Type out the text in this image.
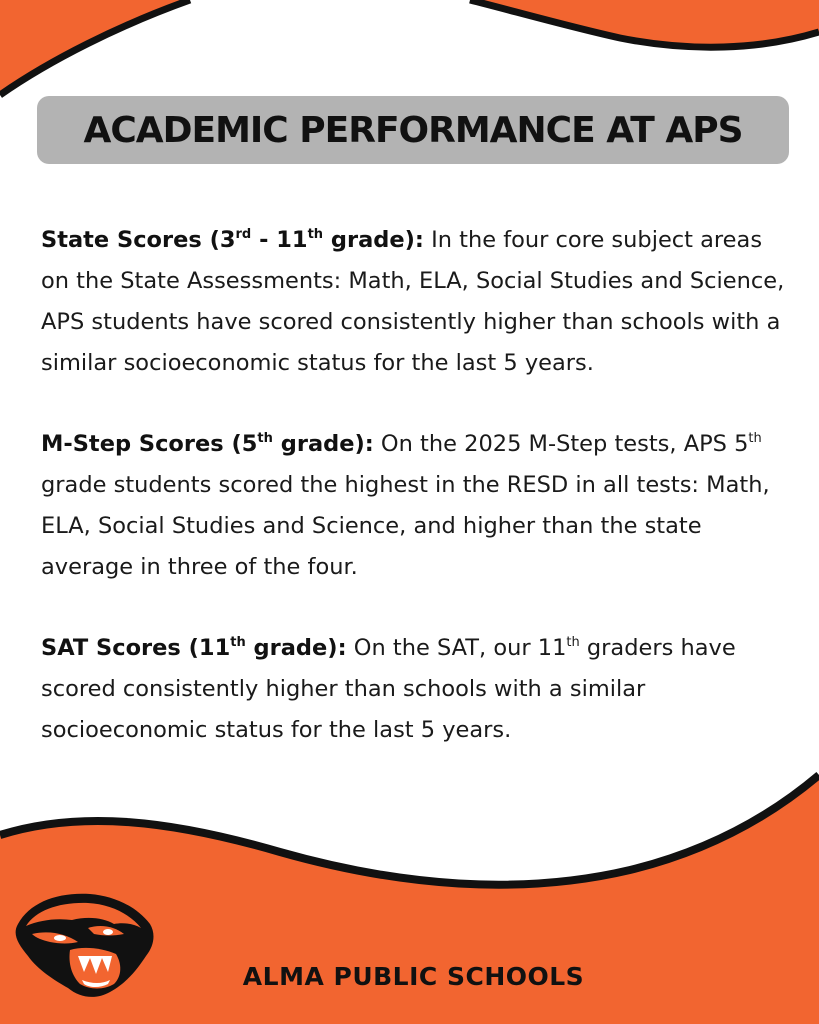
ACADEMIC PERFORMANCE AT APS

State Scores (3rd - 11th grade): In the four core subject areas on the State Assessments: Math, ELA, Social Studies and Science, APS students have scored consistently higher than schools with a similar socioeconomic status for the last 5 years.

M-Step Scores (5th grade): On the 2025 M-Step tests, APS 5th grade students scored the highest in the RESD in all tests: Math, ELA, Social Studies and Science, and higher than the state average in three of the four.

SAT Scores (11th grade): On the SAT, our 11th graders have scored consistently higher than schools with a similar socioeconomic status for the last 5 years.

ALMA PUBLIC SCHOOLS
